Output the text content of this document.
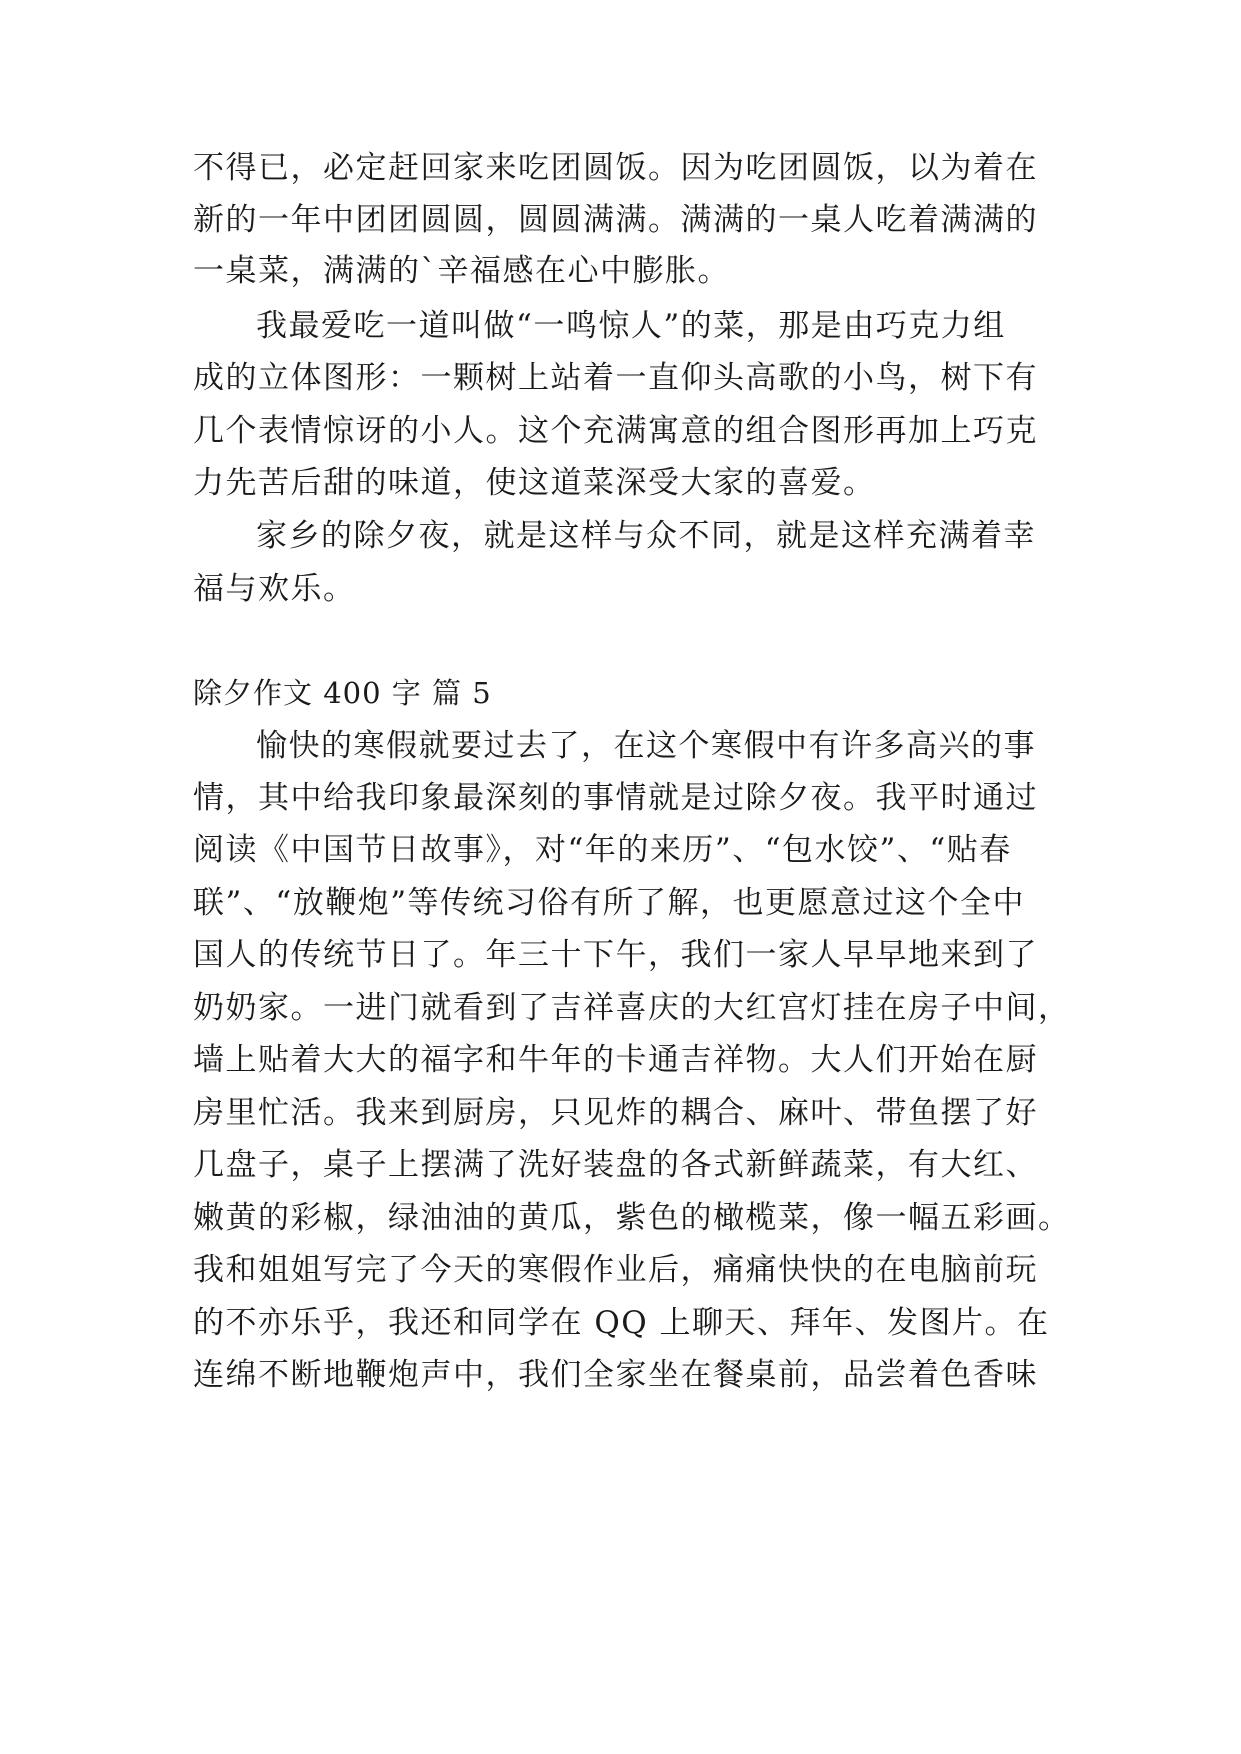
不得已，必定赶回家来吃团圆饭。因为吃团圆饭，以为着在
新的一年中团团圆圆，圆圆满满。满满的一桌人吃着满满的
一桌菜，满满的`辛福感在心中膨胀。
我最爱吃一道叫做“一鸣惊人”的菜，那是由巧克力组
成的立体图形：一颗树上站着一直仰头高歌的小鸟，树下有
几个表情惊讶的小人。这个充满寓意的组合图形再加上巧克
力先苦后甜的味道，使这道菜深受大家的喜爱。
家乡的除夕夜，就是这样与众不同，就是这样充满着幸
福与欢乐。
除夕作文 400 字 篇 5
愉快的寒假就要过去了，在这个寒假中有许多高兴的事
情，其中给我印象最深刻的事情就是过除夕夜。我平时通过
阅读《中国节日故事》，对“年的来历”、“包水饺”、“贴春
联”、“放鞭炮”等传统习俗有所了解，也更愿意过这个全中
国人的传统节日了。年三十下午，我们一家人早早地来到了
奶奶家。一进门就看到了吉祥喜庆的大红宫灯挂在房子中间，
墙上贴着大大的福字和牛年的卡通吉祥物。大人们开始在厨
房里忙活。我来到厨房，只见炸的耦合、麻叶、带鱼摆了好
几盘子，桌子上摆满了洗好装盘的各式新鲜蔬菜，有大红、
嫩黄的彩椒，绿油油的黄瓜，紫色的橄榄菜，像一幅五彩画。
我和姐姐写完了今天的寒假作业后，痛痛快快的在电脑前玩
的不亦乐乎，我还和同学在 QQ 上聊天、拜年、发图片。在
连绵不断地鞭炮声中，我们全家坐在餐桌前，品尝着色香味
